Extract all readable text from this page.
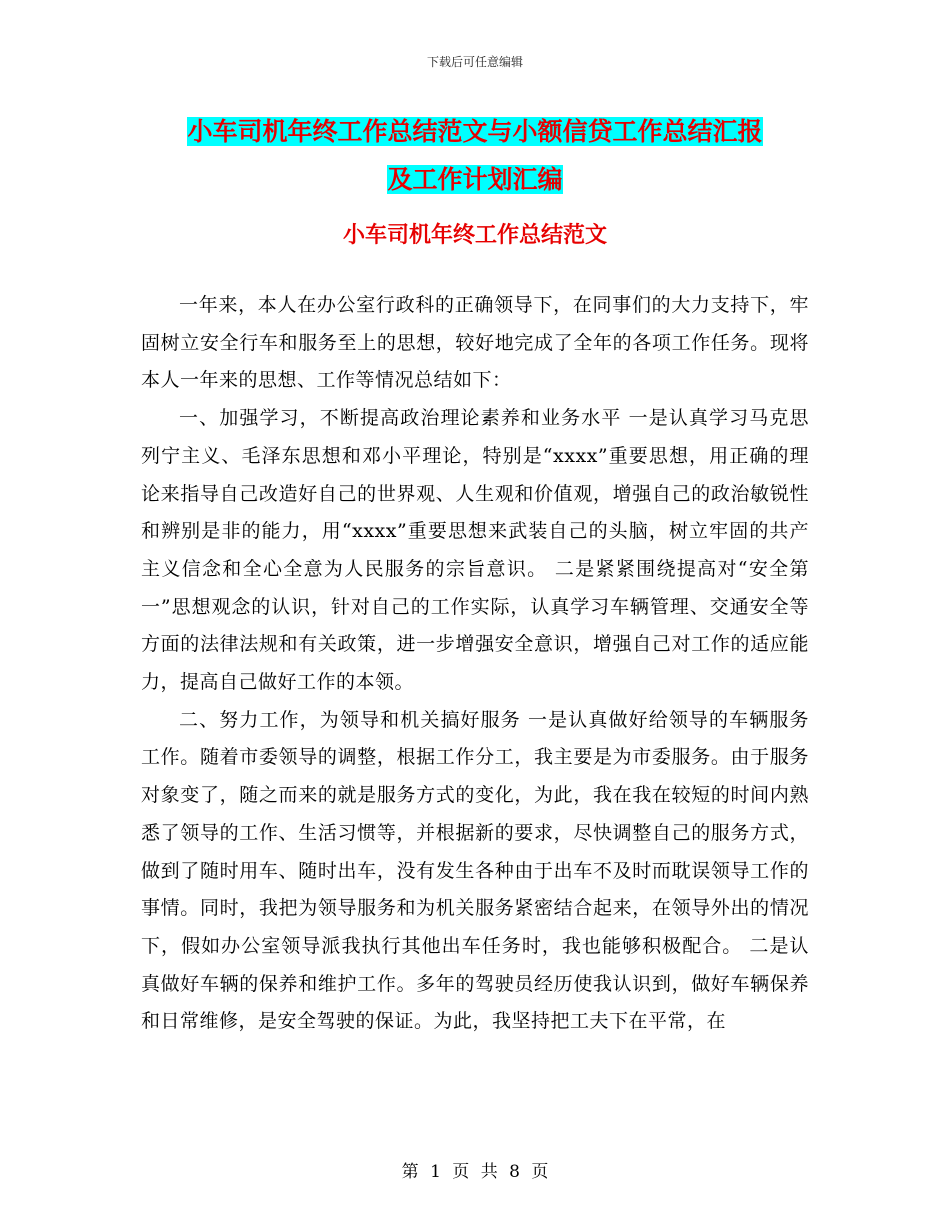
下载后可任意编辑
小车司机年终工作总结范文与小额信贷工作总结汇报
及工作计划汇编
小车司机年终工作总结范文

一年来，本人在办公室行政科的正确领导下，在同事们的大力支持下，牢固树立安全行车和服务至上的思想，较好地完成了全年的各项工作任务。现将本人一年来的思想、工作等情况总结如下：

一、加强学习，不断提高政治理论素养和业务水平 一是认真学习马克思列宁主义、毛泽东思想和邓小平理论，特别是“xxxx”重要思想，用正确的理论来指导自己改造好自己的世界观、人生观和价值观，增强自己的政治敏锐性和辨别是非的能力，用“xxxx”重要思想来武装自己的头脑，树立牢固的共产主义信念和全心全意为人民服务的宗旨意识。 二是紧紧围绕提高对“安全第一”思想观念的认识，针对自己的工作实际，认真学习车辆管理、交通安全等方面的法律法规和有关政策，进一步增强安全意识，增强自己对工作的适应能力，提高自己做好工作的本领。

二、努力工作，为领导和机关搞好服务 一是认真做好给领导的车辆服务工作。随着市委领导的调整，根据工作分工，我主要是为市委服务。由于服务对象变了，随之而来的就是服务方式的变化，为此，我在我在较短的时间内熟悉了领导的工作、生活习惯等，并根据新的要求，尽快调整自己的服务方式，做到了随时用车、随时出车，没有发生各种由于出车不及时而耽误领导工作的事情。同时，我把为领导服务和为机关服务紧密结合起来，在领导外出的情况下，假如办公室领导派我执行其他出车任务时，我也能够积极配合。 二是认真做好车辆的保养和维护工作。多年的驾驶员经历使我认识到，做好车辆保养和日常维修，是安全驾驶的保证。为此，我坚持把工夫下在平常，在

第 1 页 共 8 页
